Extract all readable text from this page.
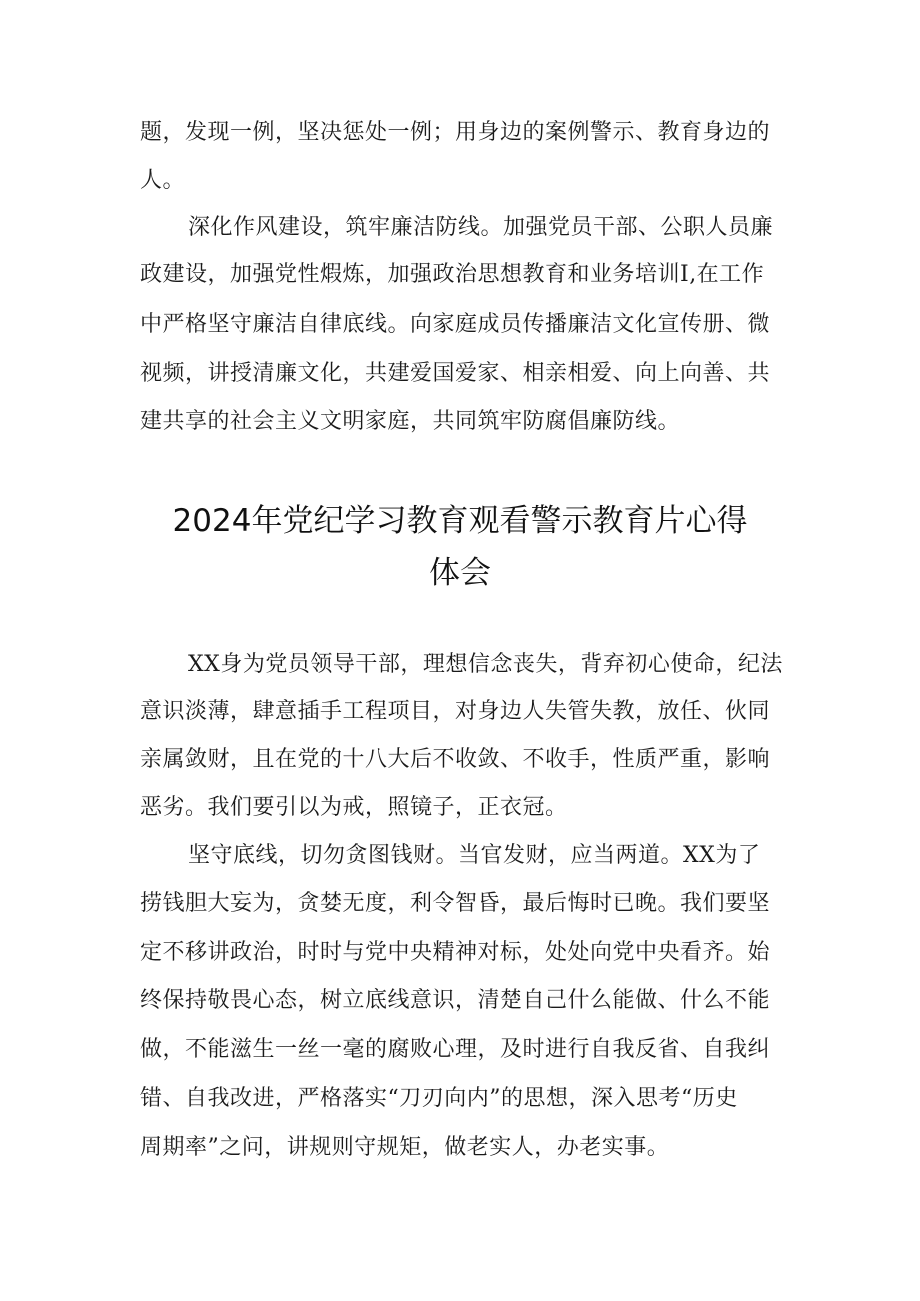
题，发现一例，坚决惩处一例；用身边的案例警示、教育身边的
人。
深化作风建设，筑牢廉洁防线。加强党员干部、公职人员廉
政建设，加强党性煆炼，加强政治思想教育和业务培训I,在工作
中严格坚守廉洁自律底线。向家庭成员传播廉洁文化宣传册、微
视频，讲授清廉文化，共建爱国爱家、相亲相爱、向上向善、共
建共享的社会主义文明家庭，共同筑牢防腐倡廉防线。
2024年党纪学习教育观看警示教育片心得
体会
XX身为党员领导干部，理想信念丧失，背弃初心使命，纪法
意识淡薄，肆意插手工程项目，对身边人失管失教，放任、伙同
亲属敛财，且在党的十八大后不收敛、不收手，性质严重，影响
恶劣。我们要引以为戒，照镜子，正衣冠。
坚守底线，切勿贪图钱财。当官发财，应当两道。XX为了
捞钱胆大妄为，贪婪无度，利令智昏，最后悔时已晚。我们要坚
定不移讲政治，时时与党中央精神对标，处处向党中央看齐。始
终保持敬畏心态，树立底线意识，清楚自己什么能做、什么不能
做，不能滋生一丝一毫的腐败心理，及时进行自我反省、自我纠
错、自我改进，严格落实“刀刃向内”的思想，深入思考“历史
周期率”之问，讲规则守规矩，做老实人，办老实事。
